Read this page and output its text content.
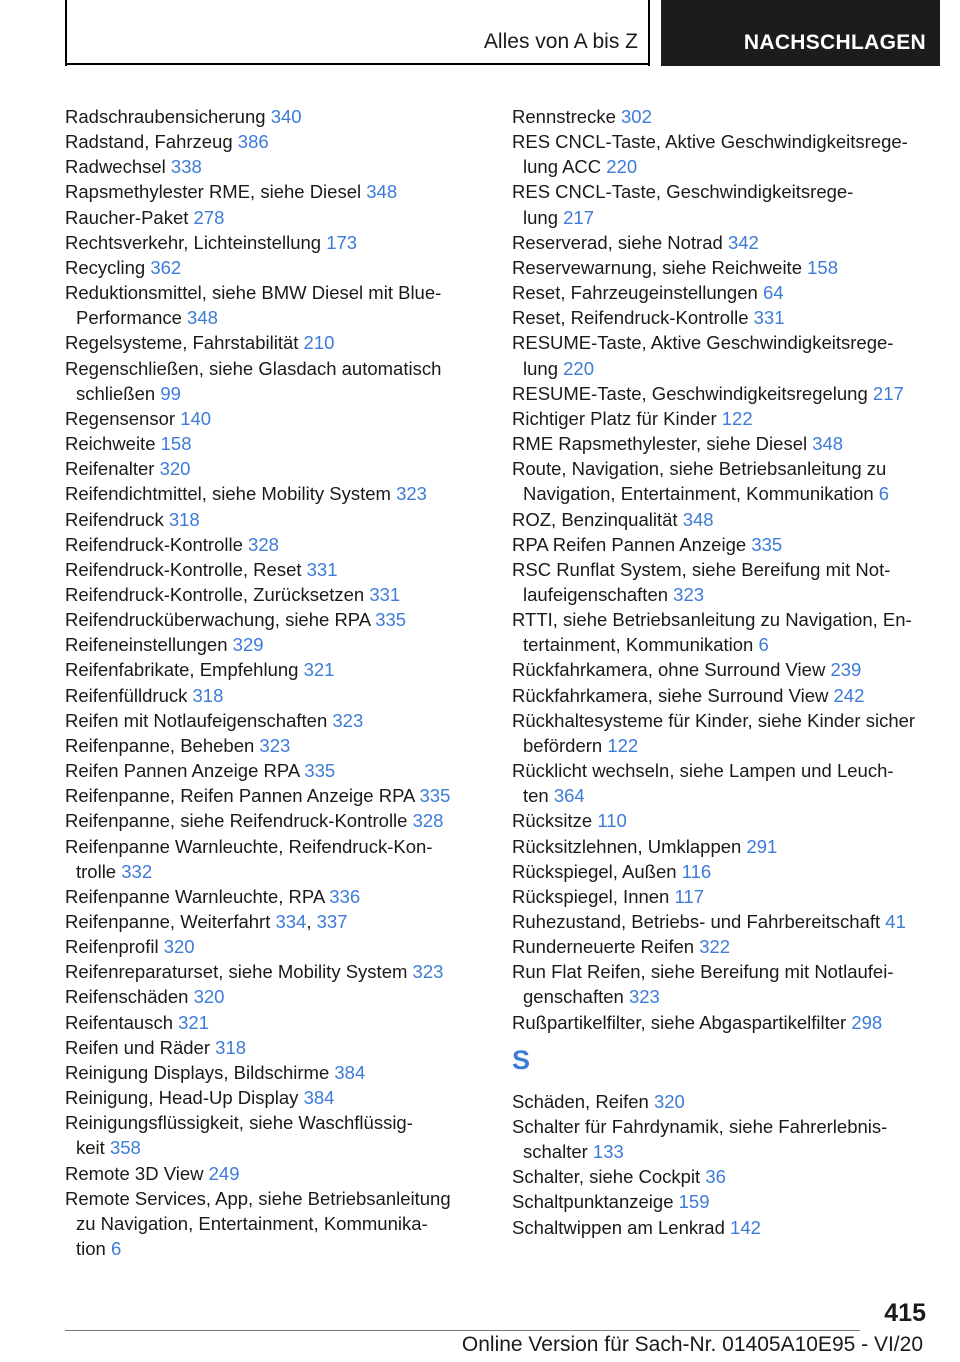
Alles von A bis Z	NACHSCHLAGEN
Radschraubensicherung 340
Radstand, Fahrzeug 386
Radwechsel 338
Rapsmethylester RME, siehe Diesel 348
Raucher-Paket 278
Rechtsverkehr, Lichteinstellung 173
Recycling 362
Reduktionsmittel, siehe BMW Diesel mit Blue-
Performance 348
Regelsysteme, Fahrstabilität 210
Regenschließen, siehe Glasdach automatisch
schließen 99
Regensensor 140
Reichweite 158
Reifenalter 320
Reifendichtmittel, siehe Mobility System 323
Reifendruck 318
Reifendruck-Kontrolle 328
Reifendruck-Kontrolle, Reset 331
Reifendruck-Kontrolle, Zurücksetzen 331
Reifendrucküberwachung, siehe RPA 335
Reifeneinstellungen 329
Reifenfabrikate, Empfehlung 321
Reifenfülldruck 318
Reifen mit Notlaufeigenschaften 323
Reifenpanne, Beheben 323
Reifen Pannen Anzeige RPA 335
Reifenpanne, Reifen Pannen Anzeige RPA 335
Reifenpanne, siehe Reifendruck-Kontrolle 328
Reifenpanne Warnleuchte, Reifendruck-Kon-
trolle 332
Reifenpanne Warnleuchte, RPA 336
Reifenpanne, Weiterfahrt 334, 337
Reifenprofil 320
Reifenreparaturset, siehe Mobility System 323
Reifenschäden 320
Reifentausch 321
Reifen und Räder 318
Reinigung Displays, Bildschirme 384
Reinigung, Head-Up Display 384
Reinigungsflüssigkeit, siehe Waschflüssig-
keit 358
Remote 3D View 249
Remote Services, App, siehe Betriebsanleitung
zu Navigation, Entertainment, Kommunika-
tion 6
Rennstrecke 302
RES CNCL-Taste, Aktive Geschwindigkeitsrege-
lung ACC 220
RES CNCL-Taste, Geschwindigkeitsrege-
lung 217
Reserverad, siehe Notrad 342
Reservewarnung, siehe Reichweite 158
Reset, Fahrzeugeinstellungen 64
Reset, Reifendruck-Kontrolle 331
RESUME-Taste, Aktive Geschwindigkeitsrege-
lung 220
RESUME-Taste, Geschwindigkeitsregelung 217
Richtiger Platz für Kinder 122
RME Rapsmethylester, siehe Diesel 348
Route, Navigation, siehe Betriebsanleitung zu
Navigation, Entertainment, Kommunikation 6
ROZ, Benzinqualität 348
RPA Reifen Pannen Anzeige 335
RSC Runflat System, siehe Bereifung mit Not-
laufeigenschaften 323
RTTI, siehe Betriebsanleitung zu Navigation, En-
tertainment, Kommunikation 6
Rückfahrkamera, ohne Surround View 239
Rückfahrkamera, siehe Surround View 242
Rückhaltesysteme für Kinder, siehe Kinder sicher
befördern 122
Rücklicht wechseln, siehe Lampen und Leuch-
ten 364
Rücksitze 110
Rücksitzlehnen, Umklappen 291
Rückspiegel, Außen 116
Rückspiegel, Innen 117
Ruhezustand, Betriebs- und Fahrbereitschaft 41
Runderneuerte Reifen 322
Run Flat Reifen, siehe Bereifung mit Notlaufei-
genschaften 323
Rußpartikelfilter, siehe Abgaspartikelfilter 298
S
Schäden, Reifen 320
Schalter für Fahrdynamik, siehe Fahrerlebnis-
schalter 133
Schalter, siehe Cockpit 36
Schaltpunktanzeige 159
Schaltwippen am Lenkrad 142
415
Online Version für Sach-Nr. 01405A10E95 - VI/20
